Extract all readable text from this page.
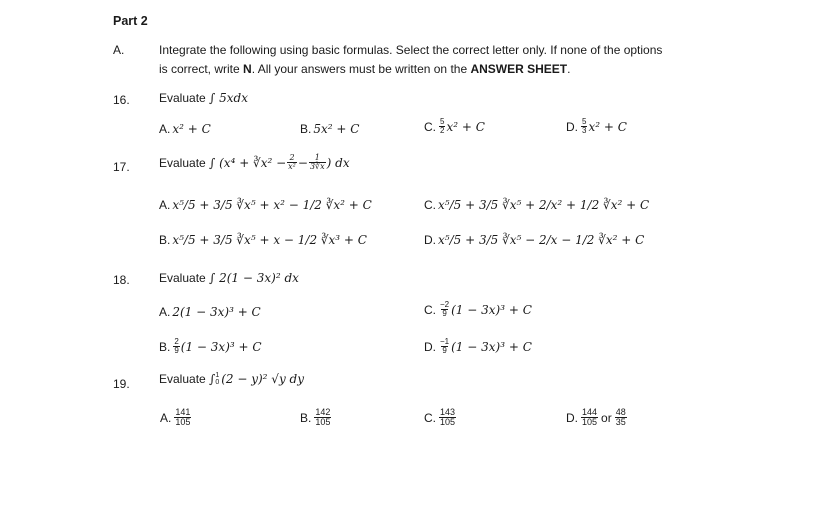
Part 2
A.	Integrate the following using basic formulas. Select the correct letter only. If none of the options
is correct, write N. All your answers must be written on the ANSWER SHEET.
16. Evaluate ∫ 5xdx
A. x² + C	B. 5x² + C	C. $\frac{5}{2} x^2 + C$	D. $\frac{5}{3} x^2 + C$
17. Evaluate
∫ (x⁴ + ∛x² − $\frac{2}{\text{x²}} - \frac{1}{3∛x}$ ) dx
A. x⁵/5 + 3/5 ∛x⁵ + x² − 1/2 ∛x² + C
B. x⁵/5 + 3/5 ∛x⁵ + x − 1/2 ∛x³ + C
C. x⁵/5 + 3/5 ∛x⁵ + 2/x² + 1/2 ∛x² + C
D. x⁵/5 + 3/5 ∛x⁵ − 2/x − 1/2 ∛x² + C
18. Evaluate ∫ 2(1 − 3x)² dx
A. 2(1 − 3x)³ + C
B. $\frac{2}{9} (1 - 3x)^3 + C$
C. $\frac{-2}{9} (1 - 3x)^3 + C$
D. $\frac{-1}{9} (1 - 3x)^3 + C$
19. Evaluate
∫ 1
0 (2 − y)² √y dy
A. $\frac{141}{105}$	B. $\frac{142}{105}$	C. $\frac{143}{105}$	D. $\frac{144}{105}$ or $\frac{48}{35}$
